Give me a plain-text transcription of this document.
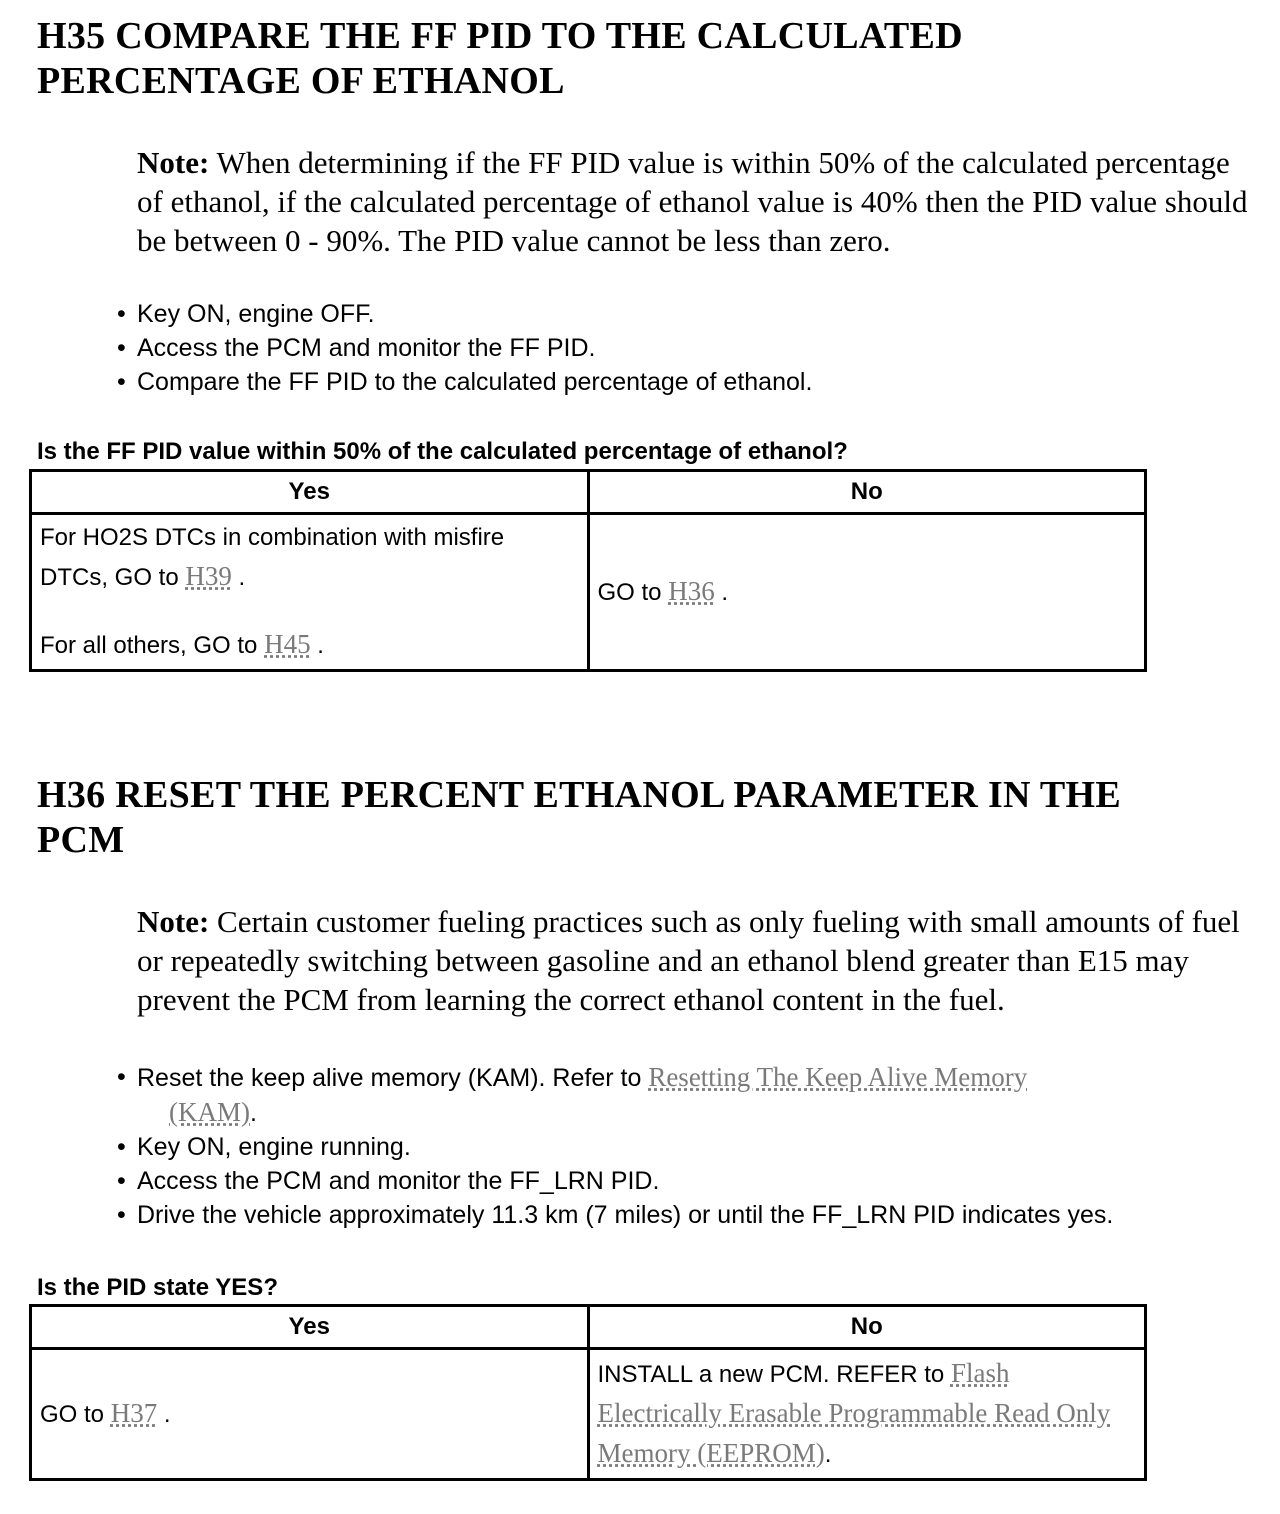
H35 COMPARE THE FF PID TO THE CALCULATED
PERCENTAGE OF ETHANOL

Note: When determining if the FF PID value is within 50% of the calculated percentage of ethanol, if the calculated percentage of ethanol value is 40% then the PID value should be between 0 - 90%. The PID value cannot be less than zero.

• Key ON, engine OFF.
• Access the PCM and monitor the FF PID.
• Compare the FF PID to the calculated percentage of ethanol.

Is the FF PID value within 50% of the calculated percentage of ethanol?

Yes	No
For HO2S DTCs in combination with misfire DTCs, GO to H39 .
For all others, GO to H45 .	GO to H36 .
H36 RESET THE PERCENT ETHANOL PARAMETER IN THE
PCM

Note: Certain customer fueling practices such as only fueling with small amounts of fuel or repeatedly switching between gasoline and an ethanol blend greater than E15 may prevent the PCM from learning the correct ethanol content in the fuel.

• Reset the keep alive memory (KAM). Refer to Resetting The Keep Alive Memory
(KAM).
• Key ON, engine running.
• Access the PCM and monitor the FF_LRN PID.
• Drive the vehicle approximately 11.3 km (7 miles) or until the FF_LRN PID indicates yes.

Is the PID state YES?

Yes	No
GO to H37 .	INSTALL a new PCM. REFER to Flash Electrically Erasable Programmable Read Only Memory (EEPROM).
